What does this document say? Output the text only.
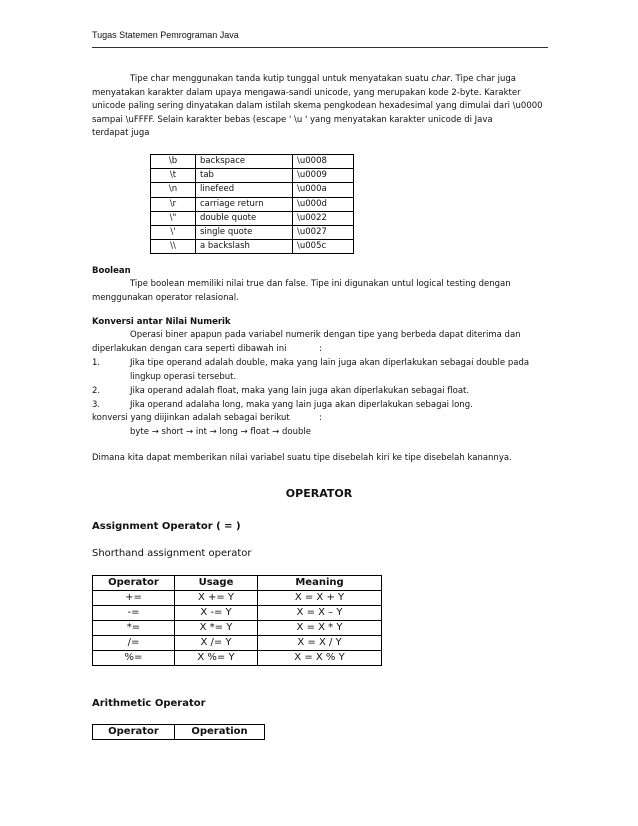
Tugas Statemen Pemrograman Java
Tipe char menggunakan tanda kutip tunggal untuk menyatakan suatu char. Tipe char juga
menyatakan karakter dalam upaya mengawa-sandi unicode, yang merupakan kode 2-byte. Karakter
unicode paling sering dinyatakan dalam istilah skema pengkodean hexadesimal yang dimulai dari \u0000
sampai \uFFFF. Selain karakter bebas (escape ' \u ' yang menyatakan karakter unicode di Java
terdapat juga
\b	backspace	\u0008
\t	tab	\u0009
\n	linefeed	\u000a
\r	carriage return	\u000d
\"	double quote	\u0022
\'	single quote	\u0027
\\	a backslash	\u005c
Boolean
Tipe boolean memiliki nilai true dan false. Tipe ini digunakan untul logical testing dengan
menggunakan operator relasional.
Konversi antar Nilai Numerik
Operasi biner apapun pada variabel numerik dengan tipe yang berbeda dapat diterima dan
diperlakukan dengan cara seperti dibawah ini	:
1.	Jika tipe operand adalah double, maka yang lain juga akan diperlakukan sebagai double pada
lingkup operasi tersebut.
2.	Jika operand adalah float, maka yang lain juga akan diperlakukan sebagai float.
3.	Jika operand adalaha long, maka yang lain juga akan diperlakukan sebagai long.
konversi yang diijinkan adalah sebagai berikut	:
byte → short → int → long → float → double
Dimana kita dapat memberikan nilai variabel suatu tipe disebelah kiri ke tipe disebelah kanannya.
OPERATOR
Assignment Operator ( = )
Shorthand assignment operator
Operator	Usage	Meaning
+=	X += Y	X = X + Y
-=	X -= Y	X = X – Y
*=	X *= Y	X = X * Y
/=	X /= Y	X = X / Y
%=	X %= Y	X = X % Y
Arithmetic Operator
Operator	Operation
